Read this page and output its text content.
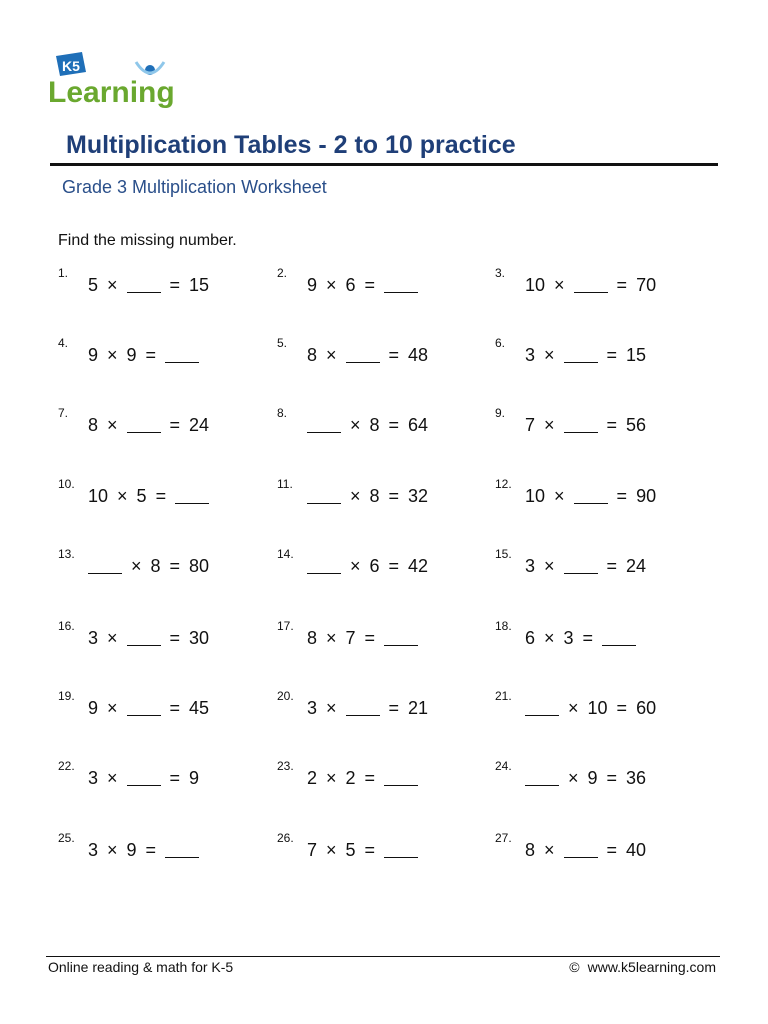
K5
Learning
Multiplication Tables - 2 to 10 practice
Grade 3 Multiplication Worksheet
Find the missing number.
1.
5 ×	= 15
2.
9 × 6 =
3.
10 ×	= 70
4.
9 × 9 =
5.
8 ×	= 48
6.
3 ×	= 15
7.
8 ×	= 24
8.
× 8 = 64
9.
7 ×	= 56
10.
10 × 5 =
11.
× 8 = 32
12.
10 ×	= 90
13.
× 8 = 80
14.
× 6 = 42
15.
3 ×	= 24
16.
3 ×	= 30
17.
8 × 7 =
18.
6 × 3 =
19.
9 ×	= 45
20.
3 ×	= 21
21.
× 10 = 60
22.
3 ×	= 9
23.
2 × 2 =
24.
× 9 = 36
25.
3 × 9 =
26.
7 × 5 =
27.
8 ×	= 40
Online reading & math for K-5	© www.k5learning.com
